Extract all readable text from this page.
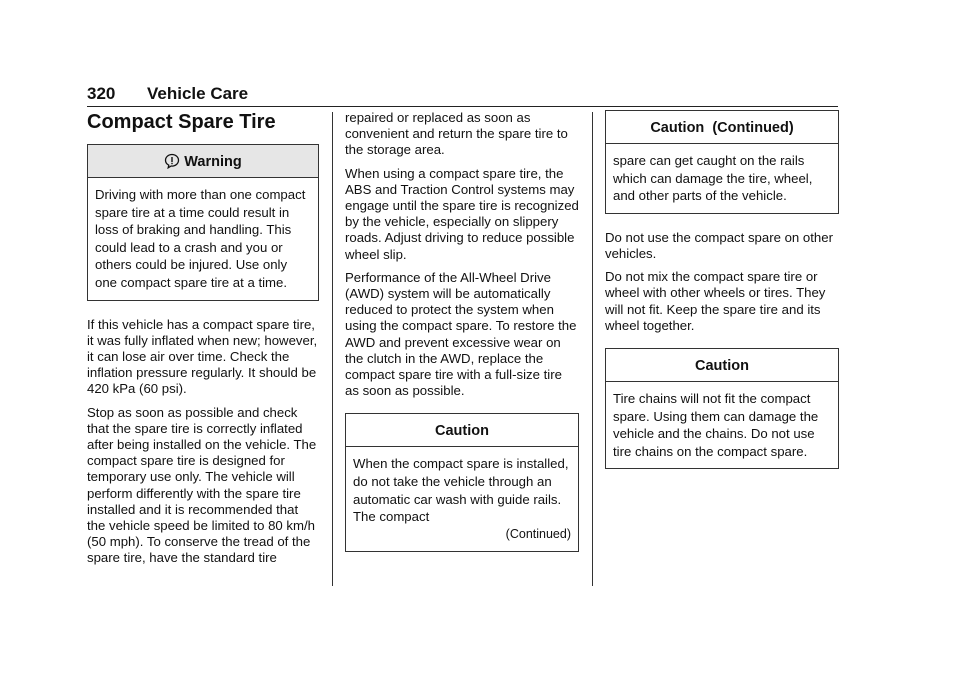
320 Vehicle Care
Compact Spare Tire
Warning
Driving with more than one compact spare tire at a time could result in loss of braking and handling. This could lead to a crash and you or others could be injured. Use only one compact spare tire at a time.

If this vehicle has a compact spare tire, it was fully inflated when new; however, it can lose air over time. Check the inflation pressure regularly. It should be 420 kPa (60 psi).

Stop as soon as possible and check that the spare tire is correctly inflated after being installed on the vehicle. The compact spare tire is designed for temporary use only. The vehicle will perform differently with the spare tire installed and it is recommended that the vehicle speed be limited to 80 km/h (50 mph). To conserve the tread of the spare tire, have the standard tire

repaired or replaced as soon as convenient and return the spare tire to the storage area.

When using a compact spare tire, the ABS and Traction Control systems may engage until the spare tire is recognized by the vehicle, especially on slippery roads. Adjust driving to reduce possible wheel slip.

Performance of the All-Wheel Drive (AWD) system will be automatically reduced to protect the system when using the compact spare. To restore the AWD and prevent excessive wear on the clutch in the AWD, replace the compact spare tire with a full-size tire as soon as possible.

Caution
When the compact spare is installed, do not take the vehicle through an automatic car wash with guide rails. The compact
(Continued)
Caution  (Continued)
spare can get caught on the rails which can damage the tire, wheel, and other parts of the vehicle.

Do not use the compact spare on other vehicles.

Do not mix the compact spare tire or wheel with other wheels or tires. They will not fit. Keep the spare tire and its wheel together.

Caution
Tire chains will not fit the compact spare. Using them can damage the vehicle and the chains. Do not use tire chains on the compact spare.
